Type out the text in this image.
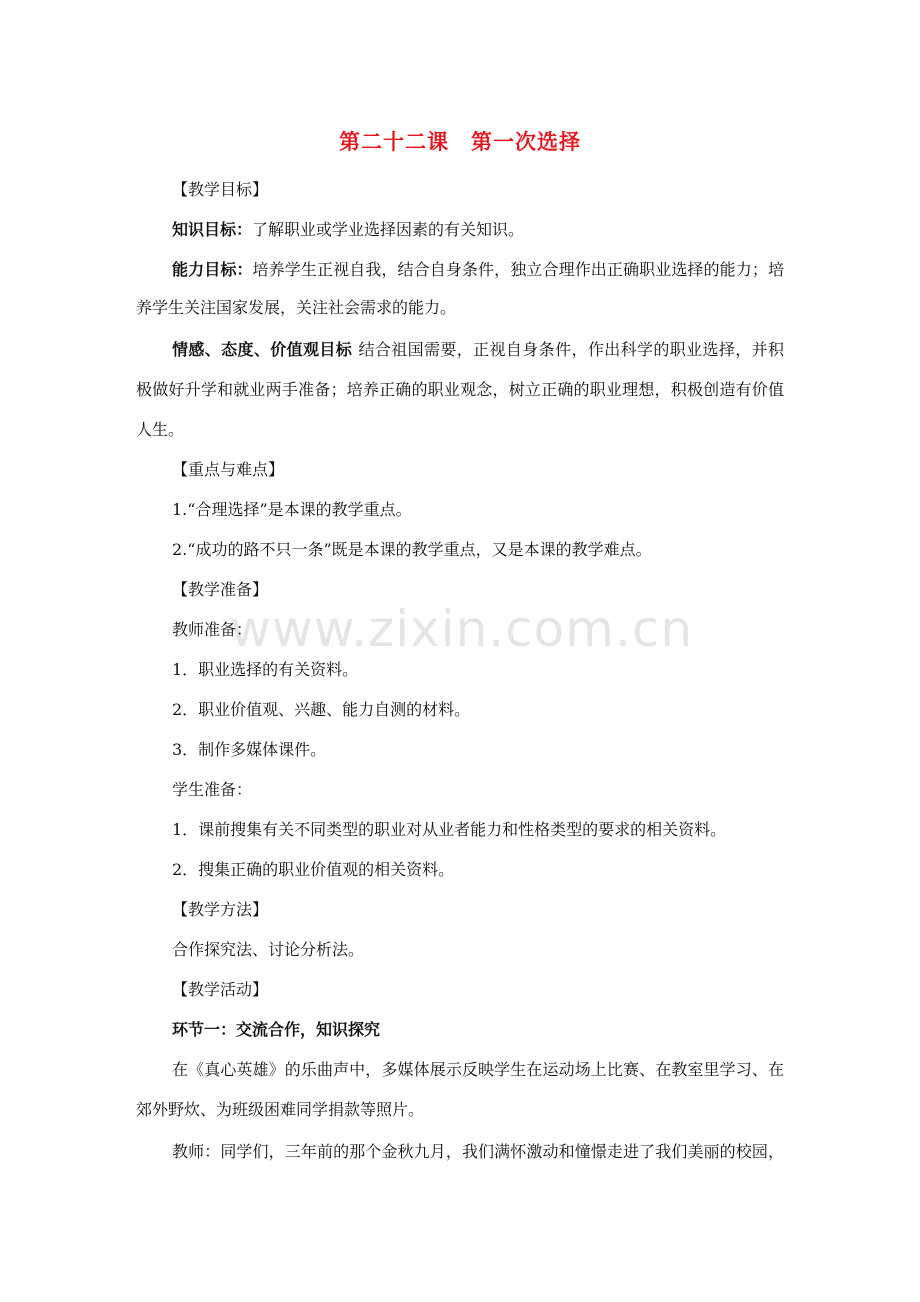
www.zixin.com.cn
第二十二课 第一次选择
【教学目标】
知识目标：了解职业或学业选择因素的有关知识。
能力目标：培养学生正视自我，结合自身条件，独立合理作出正确职业选择的能力；培
养学生关注国家发展，关注社会需求的能力。
情感、态度、价值观目标 结合祖国需要，正视自身条件，作出科学的职业选择，并积
极做好升学和就业两手准备；培养正确的职业观念，树立正确的职业理想，积极创造有价值
人生。
【重点与难点】
1.“合理选择”是本课的教学重点。
2.“成功的路不只一条”既是本课的教学重点，又是本课的教学难点。
【教学准备】
教师准备：
1．职业选择的有关资料。
2．职业价值观、兴趣、能力自测的材料。
3．制作多媒体课件。
学生准备：
1．课前搜集有关不同类型的职业对从业者能力和性格类型的要求的相关资料。
2．搜集正确的职业价值观的相关资料。
【教学方法】
合作探究法、讨论分析法。
【教学活动】
环节一：交流合作，知识探究
在《真心英雄》的乐曲声中，多媒体展示反映学生在运动场上比赛、在教室里学习、在
郊外野炊、为班级困难同学捐款等照片。
教师：同学们，三年前的那个金秋九月，我们满怀激动和憧憬走进了我们美丽的校园，
